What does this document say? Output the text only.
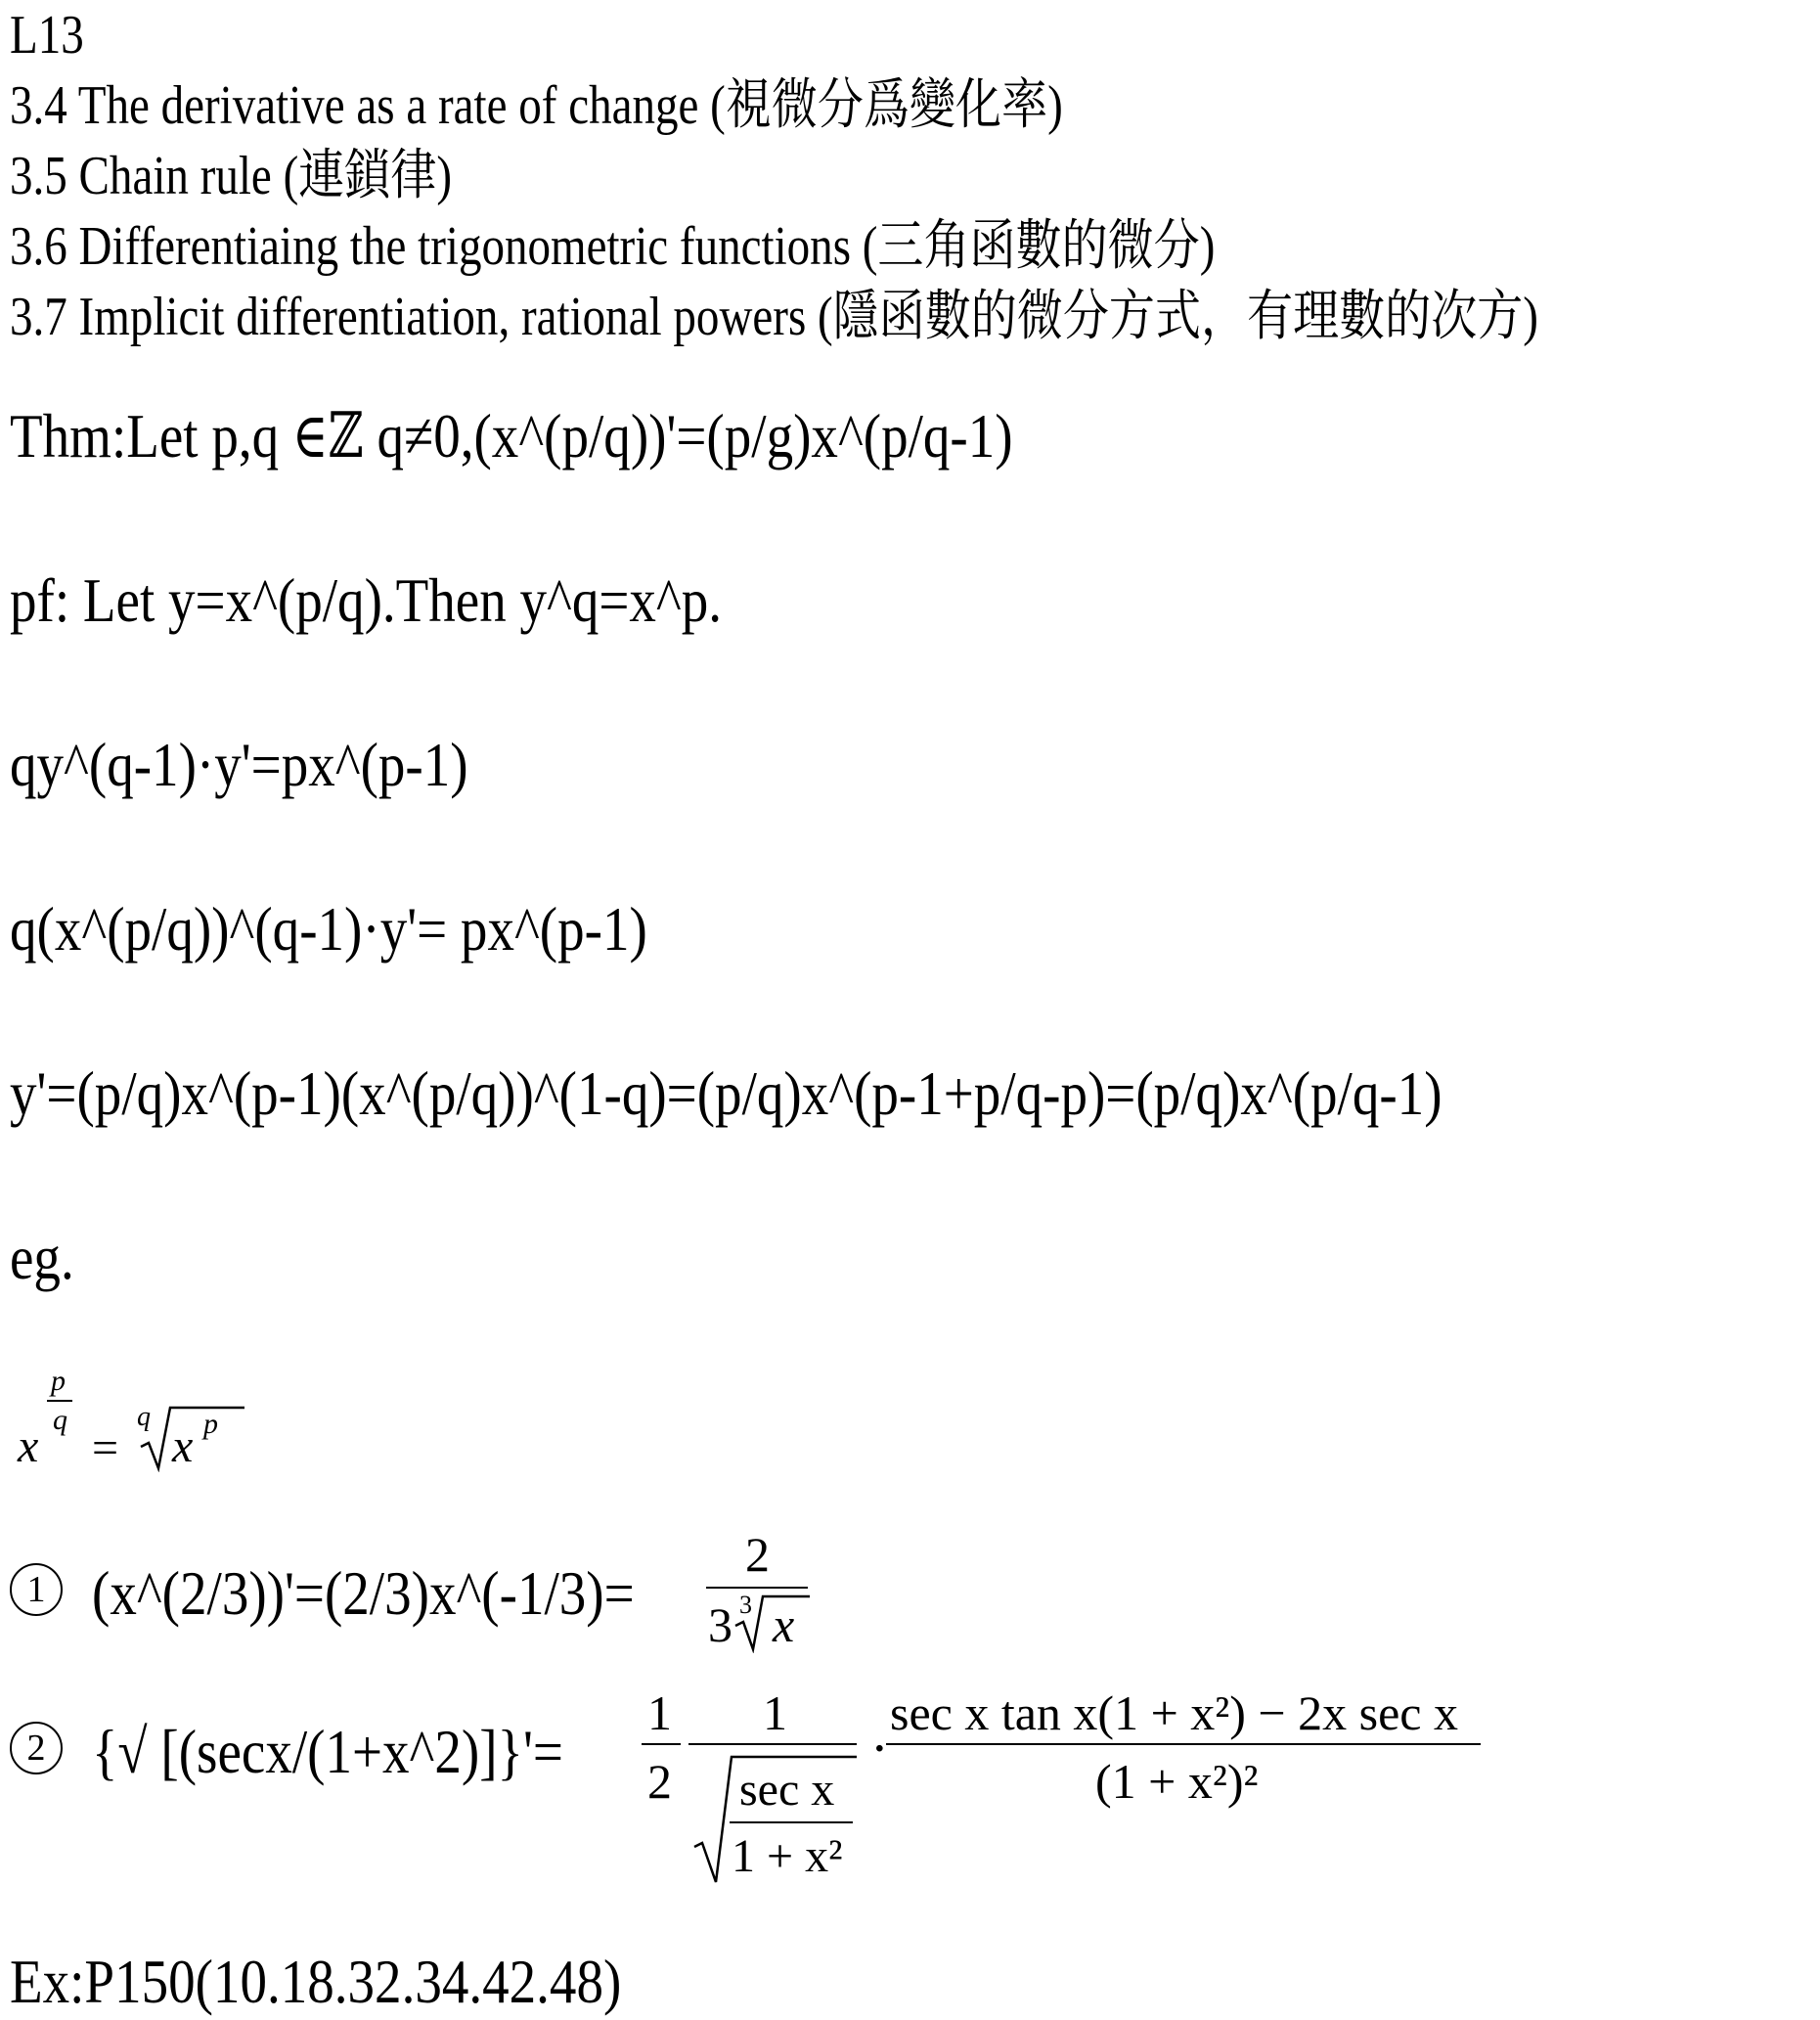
L13
3.4 The derivative as a rate of change (視微分爲變化率)
3.5 Chain rule (連鎖律)
3.6 Differentiaing the trigonometric functions (三角函數的微分)
3.7 Implicit differentiation, rational powers (隱函數的微分方式，有理數的次方)
Thm:Let p,q ∈ℤ q≠0,(x^(p/q))'=(p/g)x^(p/q-1)
pf: Let y=x^(p/q).Then y^q=x^p.
qy^(q-1)·y'=px^(p-1)
q(x^(p/q))^(q-1)·y'= px^(p-1)
y'=(p/q)x^(p-1)(x^(p/q))^(1-q)=(p/q)x^(p-1+p/q-p)=(p/q)x^(p/q-1)
eg.
x
p
q
=
q
x p
1 (x^(2/3))'=(2/3)x^(-1/3)=
2
3 3 x
2 {√ [(secx/(1+x^2)]}'=
1
2
1
sec x
1 + x²
·
sec x tan x(1 + x²) − 2x sec x
(1 + x²)²
Ex:P150(10.18.32.34.42.48)
